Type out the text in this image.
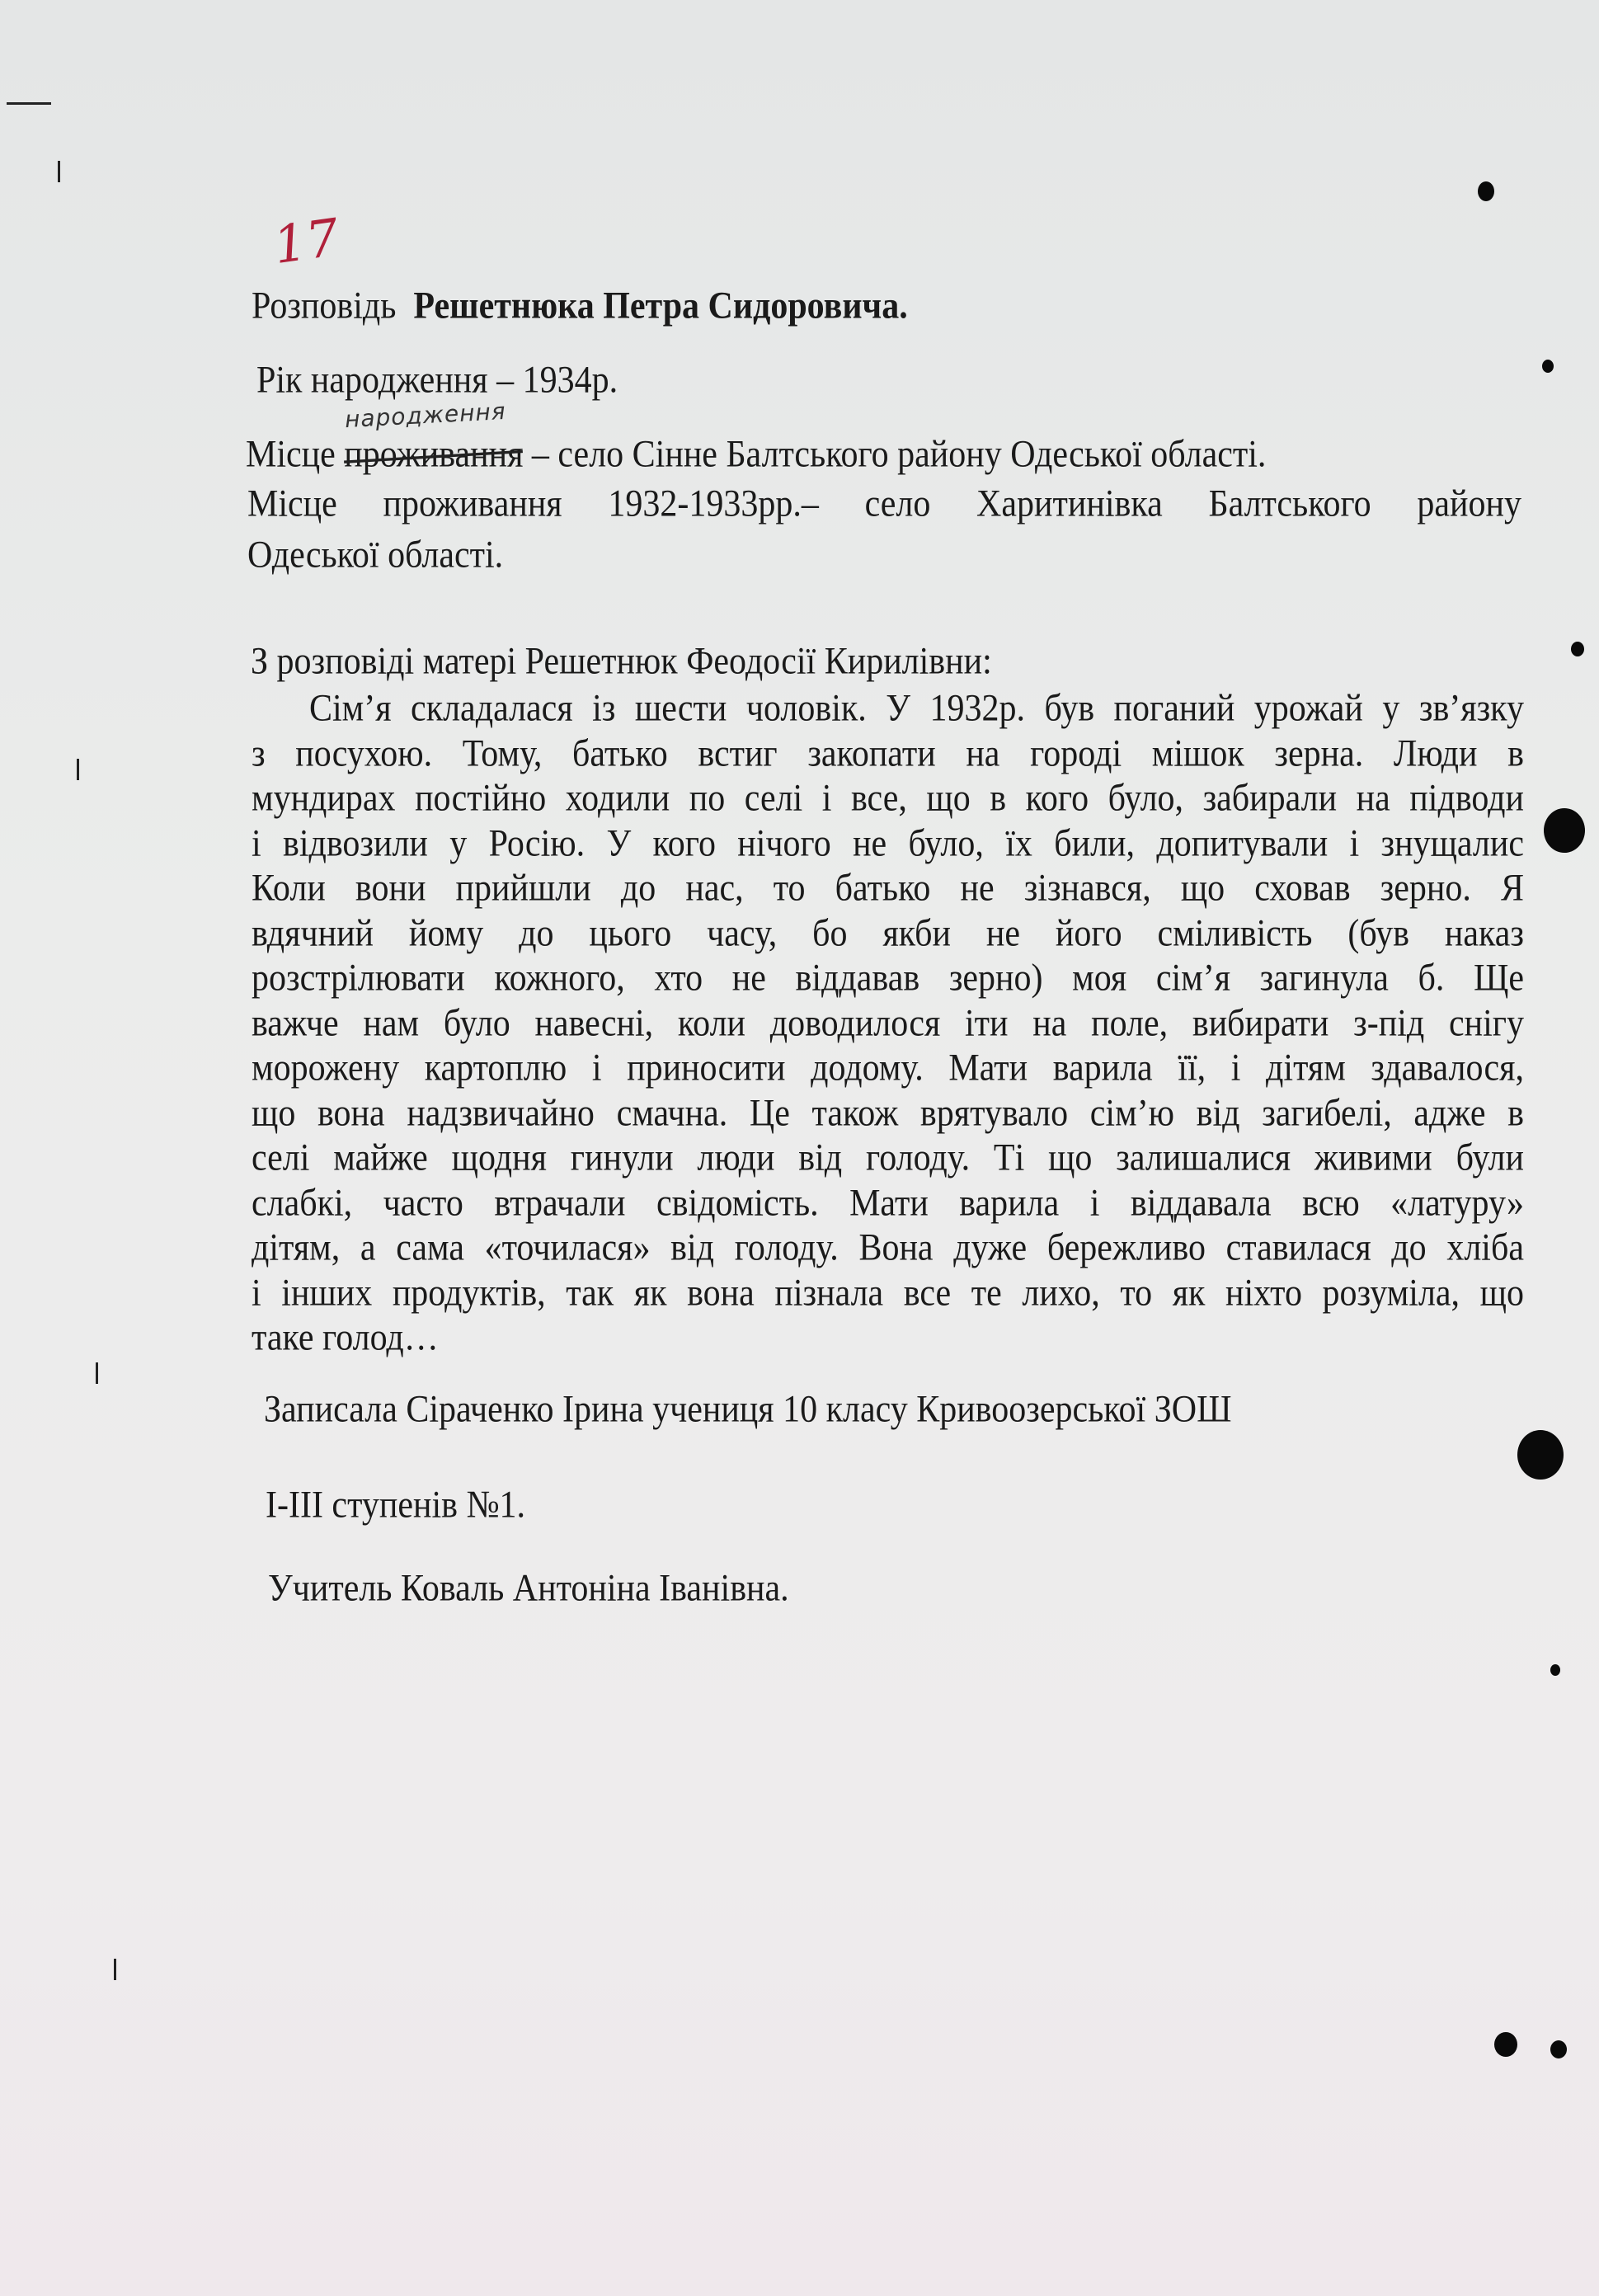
17
Розповідь Решетнюка Петра Сидоровича.
Рік народження – 1934р.
народження
Місце проживання – село Сінне Балтського району Одеської області.
Місце проживання 1932-1933рр.– село Харитинівка Балтського району
Одеської області.
З розповіді матері Решетнюк Феодосії Кирилівни:
Сім’я складалася із шести чоловік. У 1932р. був поганий урожай у зв’язку
з посухою. Тому, батько встиг закопати на городі мішок зерна. Люди в
мундирах постійно ходили по селі і все, що в кого було, забирали на підводи
і відвозили у Росію. У кого нічого не було, їх били, допитували і знущалис
Коли вони прийшли до нас, то батько не зізнався, що сховав зерно. Я
вдячний йому до цього часу, бо якби не його сміливість (був наказ
розстрілювати кожного, хто не віддавав зерно) моя сім’я загинула б. Ще
важче нам було навесні, коли доводилося іти на поле, вибирати з-під снігу
морожену картоплю і приносити додому. Мати варила її, і дітям здавалося,
що вона надзвичайно смачна. Це також врятувало сім’ю від загибелі, адже в
селі майже щодня гинули люди від голоду. Ті що залишалися живими були
слабкі, часто втрачали свідомість. Мати варила і віддавала всю «латуру»
дітям, а сама «точилася» від голоду. Вона дуже бережливо ставилася до хліба
і інших продуктів, так як вона пізнала все те лихо, то як ніхто розуміла, що
таке голод…
Записала Сіраченко Ірина учениця 10 класу Кривоозерської ЗОШ
І-ІІІ ступенів №1.
Учитель Коваль Антоніна Іванівна.
